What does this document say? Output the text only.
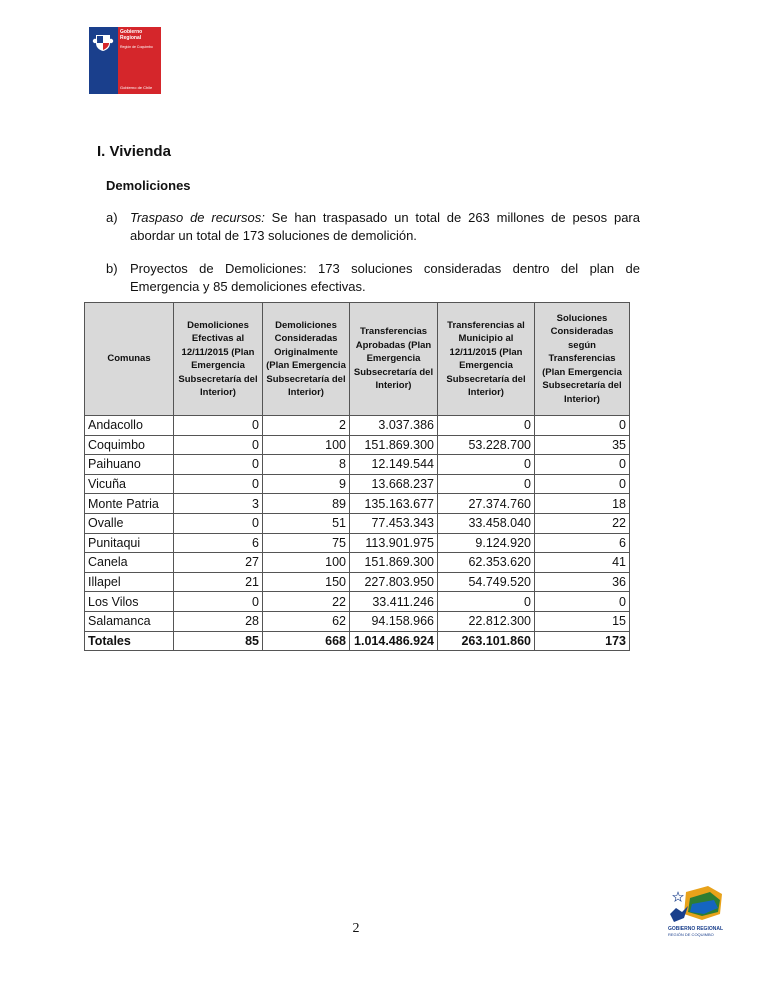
Gobierno
Regional
Región de Coquimbo
Gobierno de Chile
I. Vivienda
Demoliciones
a) Traspaso de recursos: Se han traspasado un total de 263 millones de pesos para abordar un total de 173 soluciones de demolición.
b) Proyectos de Demoliciones: 173 soluciones consideradas dentro del plan de Emergencia y 85 demoliciones efectivas.
Comunas	Demoliciones Efectivas al 12/11/2015 (Plan Emergencia Subsecretaría del Interior)	Demoliciones Consideradas Originalmente (Plan Emergencia Subsecretaría del Interior)	Transferencias Aprobadas (Plan Emergencia Subsecretaría del Interior)	Transferencias al Municipio al 12/11/2015 (Plan Emergencia Subsecretaría del Interior)	Soluciones Consideradas según Transferencias (Plan Emergencia Subsecretaría del Interior)
Andacollo	0	2	3.037.386	0	0
Coquimbo	0	100	151.869.300	53.228.700	35
Paihuano	0	8	12.149.544	0	0
Vicuña	0	9	13.668.237	0	0
Monte Patria	3	89	135.163.677	27.374.760	18
Ovalle	0	51	77.453.343	33.458.040	22
Punitaqui	6	75	113.901.975	9.124.920	6
Canela	27	100	151.869.300	62.353.620	41
Illapel	21	150	227.803.950	54.749.520	36
Los Vilos	0	22	33.411.246	0	0
Salamanca	28	62	94.158.966	22.812.300	15
Totales	85	668	1.014.486.924	263.101.860	173
2	GOBIERNO REGIONAL
REGIÓN DE COQUIMBO
